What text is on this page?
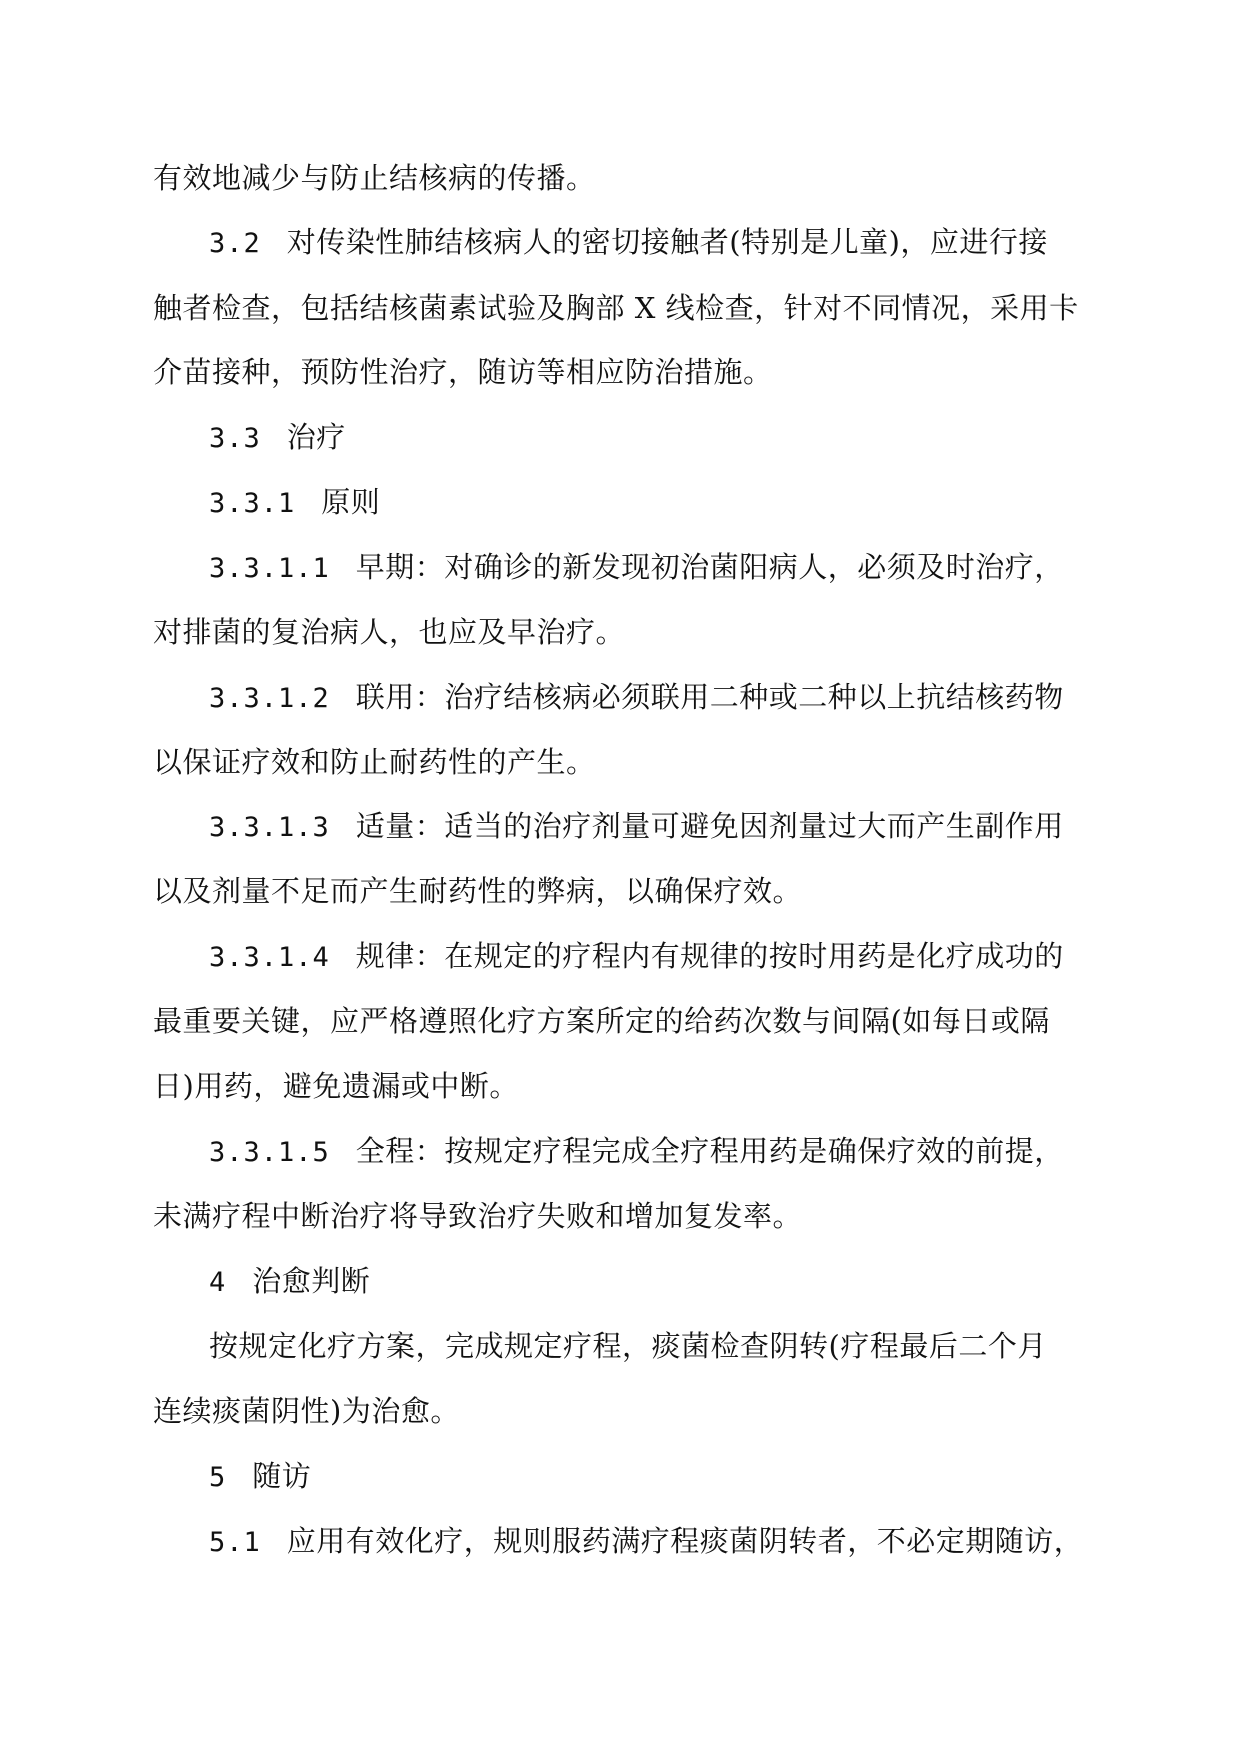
有效地减少与防止结核病的传播。
3.2 对传染性肺结核病人的密切接触者(特别是儿童)，应进行接
触者检查，包括结核菌素试验及胸部 X 线检查，针对不同情况，采用卡
介苗接种，预防性治疗，随访等相应防治措施。
3.3 治疗
3.3.1 原则
3.3.1.1 早期：对确诊的新发现初治菌阳病人，必须及时治疗，
对排菌的复治病人，也应及早治疗。
3.3.1.2 联用：治疗结核病必须联用二种或二种以上抗结核药物
以保证疗效和防止耐药性的产生。
3.3.1.3 适量：适当的治疗剂量可避免因剂量过大而产生副作用
以及剂量不足而产生耐药性的弊病，以确保疗效。
3.3.1.4 规律：在规定的疗程内有规律的按时用药是化疗成功的
最重要关键，应严格遵照化疗方案所定的给药次数与间隔(如每日或隔
日)用药，避免遗漏或中断。
3.3.1.5 全程：按规定疗程完成全疗程用药是确保疗效的前提，
未满疗程中断治疗将导致治疗失败和增加复发率。
4 治愈判断
按规定化疗方案，完成规定疗程，痰菌检查阴转(疗程最后二个月
连续痰菌阴性)为治愈。
5 随访
5.1 应用有效化疗，规则服药满疗程痰菌阴转者，不必定期随访，
